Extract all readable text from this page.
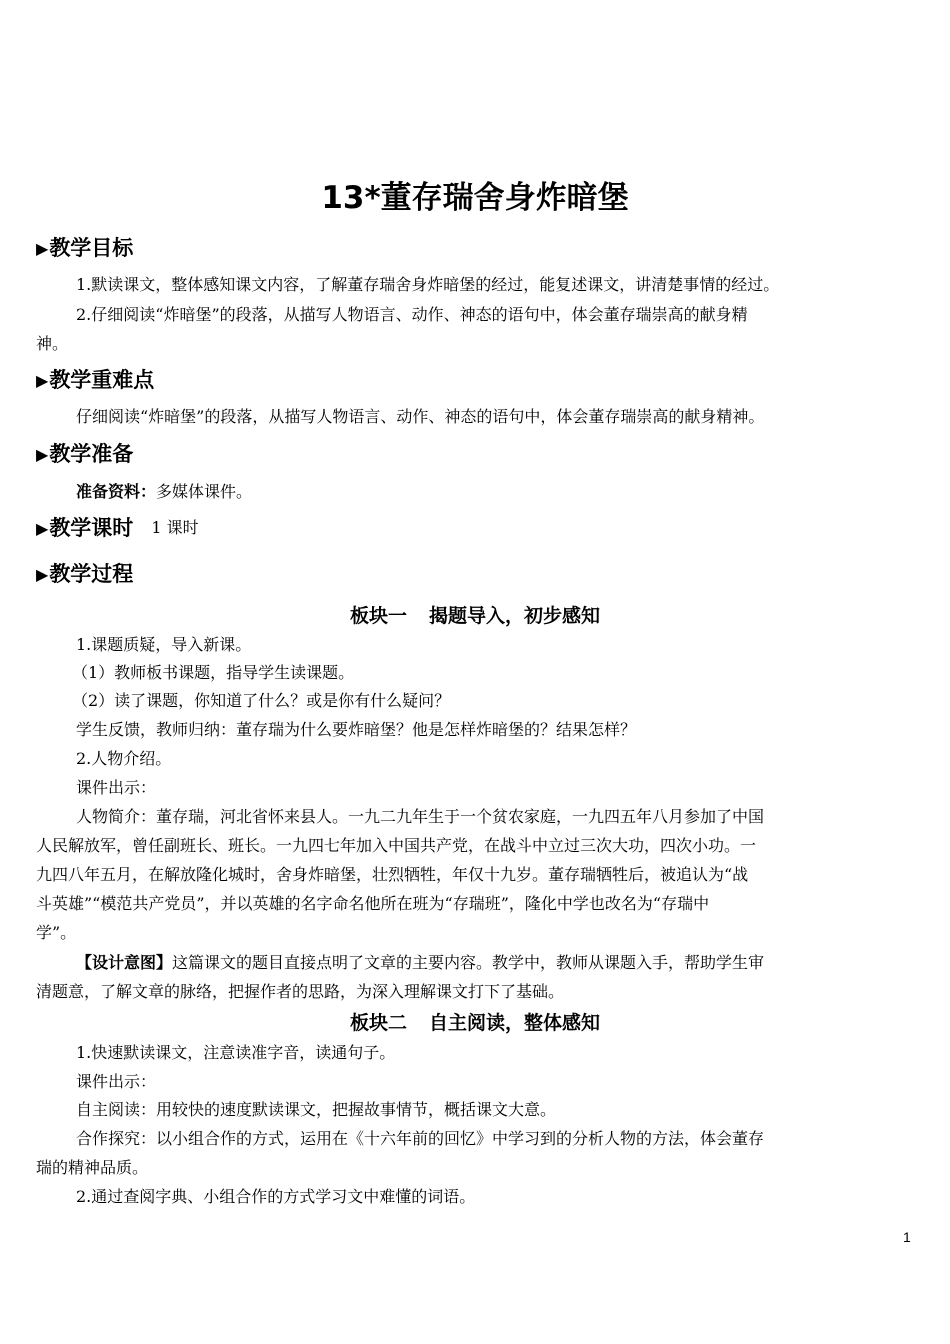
13*董存瑞舍身炸暗堡
▶教学目标
1.默读课文，整体感知课文内容，了解董存瑞舍身炸暗堡的经过，能复述课文，讲清楚事情的经过。
2.仔细阅读“炸暗堡”的段落，从描写人物语言、动作、神态的语句中，体会董存瑞崇高的献身精
神。
▶教学重难点
仔细阅读“炸暗堡”的段落，从描写人物语言、动作、神态的语句中，体会董存瑞崇高的献身精神。
▶教学准备
准备资料：多媒体课件。
▶教学课时 1 课时
▶教学过程
板块一 揭题导入，初步感知
1.课题质疑，导入新课。
（1）教师板书课题，指导学生读课题。
（2）读了课题，你知道了什么？或是你有什么疑问？
学生反馈，教师归纳：董存瑞为什么要炸暗堡？他是怎样炸暗堡的？结果怎样？
2.人物介绍。
课件出示：
人物简介：董存瑞，河北省怀来县人。一九二九年生于一个贫农家庭，一九四五年八月参加了中国
人民解放军，曾任副班长、班长。一九四七年加入中国共产党，在战斗中立过三次大功，四次小功。一
九四八年五月，在解放隆化城时，舍身炸暗堡，壮烈牺牲，年仅十九岁。董存瑞牺牲后，被追认为“战
斗英雄”“模范共产党员”，并以英雄的名字命名他所在班为“存瑞班”，隆化中学也改名为“存瑞中
学”。
【设计意图】这篇课文的题目直接点明了文章的主要内容。教学中，教师从课题入手，帮助学生审
清题意，了解文章的脉络，把握作者的思路，为深入理解课文打下了基础。
板块二 自主阅读，整体感知
1.快速默读课文，注意读准字音，读通句子。
课件出示：
自主阅读：用较快的速度默读课文，把握故事情节，概括课文大意。
合作探究：以小组合作的方式，运用在《十六年前的回忆》中学习到的分析人物的方法，体会董存
瑞的精神品质。
2.通过查阅字典、小组合作的方式学习文中难懂的词语。
1
